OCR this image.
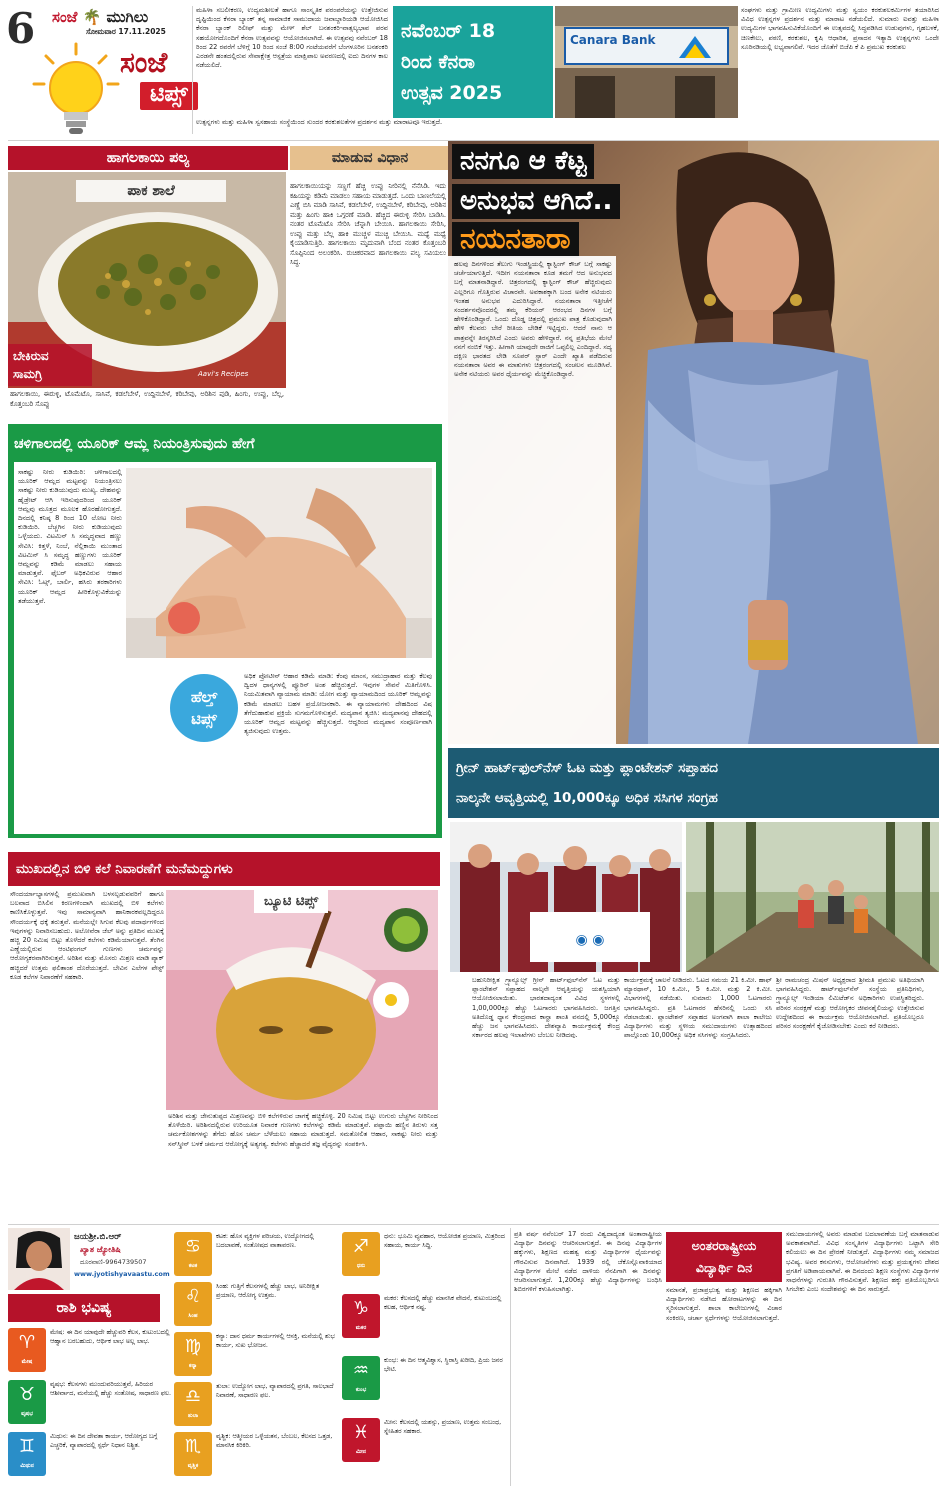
6 ಸಂಜೆ 🌴 ಮುಗಿಲು
ಸೋಮವಾರ 17.11.2025
ಸಂಜೆ
ಟಿಪ್ಸ್
ಮಹಿಳಾ ಸಬಲೀಕರಣ, ಉದ್ಯಮಶೀಲತೆ ಹಾಗೂ ಸಾಂಸ್ಕೃತಿಕ ಪರಂಪರೆಯನ್ನು ಉತ್ತೇಜಿಸುವ ದೃಷ್ಟಿಯಿಂದ ಕೆನರಾ ಬ್ಯಾಂಕ್ ತನ್ನ ಸಾಮಾಜಿಕ ಸಾಮುದಾಯ ಜವಾಬ್ದಾರಿಯಡಿ ಆಯೋಜಿಸಿದ ಕೆನರಾ ಬ್ಯಾಂಕ್ ರಿಲೀಫ್ ಮತ್ತು ಮೇಳ್ ಶೆಲ್ ಬನಶಂಕರಿ-ವಾತ್ಸಲ್ಯಭಾವ ಪರವ ಸಹಯೋಗದೊಂದಿಗೆ ಕೆನರಾ ಉತ್ಸವವನ್ನು ಆಯೋಜಿಸಲಾಗಿದೆ. ಈ ಉತ್ಸವವು ನವೆಂಬರ್ 18 ರಿಂದ 22 ರವರೆಗೆ ಬೆಳಿಗ್ಗೆ 10 ರಿಂದ ಸಂಜೆ 8:00 ಗಂಟೆಯವರೆಗೆ ಬೆಂಗಳೂರಿನ ಬನಶಂಕರಿ ಎರಡನೇ ಹಂತದಲ್ಲಿರುವ ಸೇವಾಕ್ಷೇತ್ರ ಆಸ್ಪತ್ರೆಯ ಮಾಕ್ಷಿಪಾಲ ಅವರಣದಲ್ಲಿ ಐದು ದಿನಗಳ ಕಾಲ ನಡೆಯಲಿದೆ.
ನವೆಂಬರ್ 18
ರಿಂದ ಕೆನರಾ
ಉತ್ಸವ 2025
Canara Bank
ಸಂಘಗಳು ಮತ್ತು ಗ್ರಾಮೀಣ ಉದ್ಯಮಿಗಳು ಮತ್ತು ಸ್ವಯಂ ಕರಕುಶಲಕರ್ಮಿಗಳ ತಯಾರಿಸಿದ ವಿವಿಧ ಉತ್ಪನ್ನಗಳ ಪ್ರದರ್ಶನ ಮತ್ತು ಮಾರಾಟ ನಡೆಯಲಿದೆ. ಸುಮಾರು ಐವತ್ತು ಮಹಿಳಾ ಉದ್ಯಮಿಗಳ ಭಾಗವಹಿಸುವಿಕೆಯೊಂದಿಗೆ ಈ ಉತ್ಸವದಲ್ಲಿ ಸಿದ್ಧಪಡಿಸಿದ ಉಡುಪುಗಳು, ಗೃಹಬಳಕೆ, ಚಿಣಕೇಲು, ಪಠಣಿ, ಕರಕುಶಲ, ಕೃಷಿ ಆಧಾರಿತ, ಪ್ರಸಾದನ ಇತ್ಯಾದಿ ಉತ್ಪನ್ನಗಳು ಒಂದೇ ಸೂರಿನಡಿಯಲ್ಲಿ ಲಭ್ಯವಾಗಲಿವೆ. ಇದರ ಜೊತೆಗೆ ಬಿಜೆಪಿ ಕೆ ಪಿ ಪ್ರಮುಖ ಕರಕುಶಲ
ಉತ್ಪನ್ನಗಳು ಮತ್ತು ಮಹಿಳಾ ಸ್ವಸಹಾಯ ಸಂಸ್ಥೆಯಿಂದ ಸುಂದರ ಕರಕುಶಲತೆಗಳ ಪ್ರದರ್ಶನ ಮತ್ತು ಮಾರಾಟವೂ ಇರುತ್ತದೆ.
ಹಾಗಲಕಾಯಿ ಪಲ್ಯ	ಮಾಡುವ ವಿಧಾನ
ಪಾಕ ಶಾಲೆ
Aavi's Recipes
ಬೇಕಿರುವ
ಸಾಮಗ್ರಿ
ಹಾಗಲಕಾಯಿ, ಈರುಳ್ಳಿ, ಟೊಮೆಟೊ, ಸಾಸಿವೆ, ಕಡಲೆಬೇಳೆ, ಉದ್ದಿನಬೇಳೆ, ಕರಿಬೇವು, ಅರಿಶಿನ ಪುಡಿ, ಹಿಂಗು, ಉಪ್ಪು, ಬೆಲ್ಲ, ಕೊತ್ತಂಬರಿ ಸೊಪ್ಪು
ಹಾಗಲಕಾಯಿಯನ್ನು ಸಣ್ಣಗೆ ಹೆಚ್ಚಿ ಉಪ್ಪು ನೀರಿನಲ್ಲಿ ನೆನೆಸಿಡಿ. ಇದು ಕಹಿಯನ್ನು ಕಡಿಮೆ ಮಾಡಲು ಸಹಾಯ ಮಾಡುತ್ತದೆ. ಒಂದು ಬಾಣಲೆಯಲ್ಲಿ ಎಣ್ಣೆ ಬಿಸಿ ಮಾಡಿ ಸಾಸಿವೆ, ಕಡಲೆಬೇಳೆ, ಉದ್ದಿನಬೇಳೆ, ಕರಿಬೇವು, ಅರಿಶಿನ ಮತ್ತು ಹಿಂಗು ಹಾಕಿ ಒಗ್ಗರಣೆ ಮಾಡಿ. ಹೆಚ್ಚಿದ ಈರುಳ್ಳಿ ಸೇರಿಸಿ ಬಾಡಿಸಿ. ನಂತರ ಟೊಮೆಟೊ ಸೇರಿಸಿ ಚೆನ್ನಾಗಿ ಬೇಯಿಸಿ. ಹಾಗಲಕಾಯಿ ಸೇರಿಸಿ, ಉಪ್ಪು ಮತ್ತು ಬೆಲ್ಲ ಹಾಕಿ ಮುಚ್ಚಳ ಮುಚ್ಚಿ ಬೇಯಿಸಿ. ಮಧ್ಯೆ ಮಧ್ಯೆ ಕೈಯಾಡಿಸುತ್ತಿರಿ. ಹಾಗಲಕಾಯಿ ಮೃದುವಾಗಿ ಬೆಂದ ನಂತರ ಕೊತ್ತಂಬರಿ ಸೊಪ್ಪಿನಿಂದ ಅಲಂಕರಿಸಿ. ರುಚಿಕರವಾದ ಹಾಗಲಕಾಯಿ ಪಲ್ಯ ಸವಿಯಲು ಸಿದ್ಧ.
ಚಳಿಗಾಲದಲ್ಲಿ ಯೂರಿಕ್ ಆಮ್ಲ ನಿಯಂತ್ರಿಸುವುದು ಹೇಗೆ
ಸಾಕಷ್ಟು ನೀರು ಕುಡಿಯಿರಿ: ಚಳಿಗಾಲದಲ್ಲಿ ಯೂರಿಕ್ ಆಮ್ಲದ ಮಟ್ಟವನ್ನು ನಿಯಂತ್ರಿಸಲು ಸಾಕಷ್ಟು ನೀರು ಕುಡಿಯುವುದು ಮುಖ್ಯ. ದೇಹವನ್ನು ಹೈಡ್ರೇಟ್ ಆಗಿ ಇರಿಸುವುದರಿಂದ ಯೂರಿಕ್ ಆಮ್ಲವು ಮೂತ್ರದ ಮೂಲಕ ಹೊರಹೋಗುತ್ತದೆ. ದಿನದಲ್ಲಿ ಕನಿಷ್ಠ 8 ರಿಂದ 10 ಲೋಟ ನೀರು ಕುಡಿಯಿರಿ. ಬೆಚ್ಚಗಿನ ನೀರು ಕುಡಿಯುವುದು ಒಳ್ಳೆಯದು. ವಿಟಮಿನ್ ಸಿ ಸಮೃದ್ಧವಾದ ಹಣ್ಣು ಸೇವಿಸಿ: ಕಿತ್ತಳೆ, ನಿಂಬೆ, ನೆಲ್ಲಿಕಾಯಿ ಮುಂತಾದ ವಿಟಮಿನ್ ಸಿ ಸಮೃದ್ಧ ಹಣ್ಣುಗಳು ಯೂರಿಕ್ ಆಮ್ಲವನ್ನು ಕಡಿಮೆ ಮಾಡಲು ಸಹಾಯ ಮಾಡುತ್ತವೆ. ಫೈಬರ್ ಅಧಿಕವಿರುವ ಆಹಾರ ಸೇವಿಸಿ: ಓಟ್ಸ್, ಬಾರ್ಲಿ, ಹಸಿರು ತರಕಾರಿಗಳು ಯೂರಿಕ್ ಆಮ್ಲದ ಹೀರಿಕೊಳ್ಳುವಿಕೆಯನ್ನು ತಡೆಯುತ್ತವೆ.
ಹೆಲ್ತ್
ಟಿಪ್ಸ್
ಅಧಿಕ ಪ್ರೋಟೀನ್ ಆಹಾರ ಕಡಿಮೆ ಮಾಡಿ: ಕೆಂಪು ಮಾಂಸ, ಸಮುದ್ರಾಹಾರ ಮತ್ತು ಕೆಲವು ದ್ವಿದಳ ಧಾನ್ಯಗಳಲ್ಲಿ ಪ್ಯೂರಿನ್ ಅಂಶ ಹೆಚ್ಚಿರುತ್ತದೆ. ಇವುಗಳ ಸೇವನೆ ಮಿತಿಗೊಳಿಸಿ. ನಿಯಮಿತವಾಗಿ ವ್ಯಾಯಾಮ ಮಾಡಿ: ಯೋಗ ಮತ್ತು ವ್ಯಾಯಾಮದಿಂದ ಯೂರಿಕ್ ಆಮ್ಲವನ್ನು ಕಡಿಮೆ ಮಾಡಲು ಬಹಳ ಪ್ರಯೋಜನಕಾರಿ. ಈ ವ್ಯಾಯಾಮಗಳು ದೇಹದಿಂದ ವಿಷ ತೆಗೆದುಹಾಕುವ ಪ್ರಕ್ರಿಯೆ ಸುಗಮಗೊಳಿಸುತ್ತವೆ. ಮದ್ಯಪಾನ ತ್ಯಜಿಸಿ: ಮದ್ಯಪಾನವು ದೇಹದಲ್ಲಿ ಯೂರಿಕ್ ಆಮ್ಲದ ಮಟ್ಟವನ್ನು ಹೆಚ್ಚಿಸುತ್ತದೆ. ಆದ್ದರಿಂದ ಮದ್ಯಪಾನ ಸಂಪೂರ್ಣವಾಗಿ ತ್ಯಜಿಸುವುದು ಉತ್ತಮ.
ನನಗೂ ಆ ಕೆಟ್ಟ
ಅನುಭವ ಆಗಿದೆ..
ನಯನತಾರಾ
ಹಲವು ದಿನಗಳಿಂದ ತೆಲುಗು ಇಂಡಸ್ಟ್ರಿಯಲ್ಲಿ ಕ್ಯಾಸ್ಟಿಂಗ್ ಕೌಚ್ ಬಗ್ಗೆ ಸಾಕಷ್ಟು ಚರ್ಚೆಯಾಗುತ್ತಿದೆ. ಇದೀಗ ನಯನತಾರಾ ಕೂಡ ತಮಗೆ ಆದ ಅನುಭವದ ಬಗ್ಗೆ ಮಾತನಾಡಿದ್ದಾರೆ. ಚಿತ್ರರಂಗದಲ್ಲಿ ಕ್ಯಾಸ್ಟಿಂಗ್ ಕೌಚ್ ಹೆಚ್ಚಿರುವುದು ಎಲ್ಲರಿಗೂ ಗೊತ್ತಿರುವ ವಿಚಾರವೇ. ಅವಕಾಶಕ್ಕಾಗಿ ಬಂದ ಅನೇಕ ನಟಿಯರು ಇಂತಹ ಅನುಭವ ಎದುರಿಸಿದ್ದಾರೆ. ನಯನತಾರಾ ಇತ್ತೀಚೆಗೆ ಸಂದರ್ಶನವೊಂದರಲ್ಲಿ ತಮ್ಮ ಕೆರಿಯರ್ ಆರಂಭದ ದಿನಗಳ ಬಗ್ಗೆ ಹೇಳಿಕೊಂಡಿದ್ದಾರೆ. ಒಂದು ದೊಡ್ಡ ಚಿತ್ರದಲ್ಲಿ ಪ್ರಮುಖ ಪಾತ್ರ ಕೊಡುವುದಾಗಿ ಹೇಳಿ ಕೆಲವರು ಬೇರೆ ರೀತಿಯ ಬೇಡಿಕೆ ಇಟ್ಟಿದ್ದರು. ಆದರೆ ನಾನು ಆ ಪಾತ್ರವನ್ನೇ ತಿರಸ್ಕರಿಸಿದೆ ಎಂದು ಅವರು ಹೇಳಿದ್ದಾರೆ. ನನ್ನ ಪ್ರತಿಭೆಯ ಮೇಲೆ ನನಗೆ ನಂಬಿಕೆ ಇತ್ತು. ಹೀಗಾಗಿ ಯಾವುದೇ ರಾಜಿಗೆ ಒಪ್ಪಲಿಲ್ಲ ಎಂದಿದ್ದಾರೆ. ಸದ್ಯ ದಕ್ಷಿಣ ಭಾರತದ ಲೇಡಿ ಸೂಪರ್ ಸ್ಟಾರ್ ಎಂದೇ ಖ್ಯಾತಿ ಪಡೆದಿರುವ ನಯನತಾರಾ ಅವರ ಈ ಮಾತುಗಳು ಚಿತ್ರರಂಗದಲ್ಲಿ ಸಂಚಲನ ಮೂಡಿಸಿವೆ. ಅನೇಕ ನಟಿಯರು ಅವರ ಧೈರ್ಯವನ್ನು ಮೆಚ್ಚಿಕೊಂಡಿದ್ದಾರೆ.
ಗ್ರೀನ್ ಹಾರ್ಟ್‌ಫುಲ್‌ನೆಸ್ ಓಟ ಮತ್ತು ಪ್ಲಾಂಟೇಶನ್ ಸಪ್ತಾಹದ
ನಾಲ್ಕನೇ ಆವೃತ್ತಿಯಲ್ಲಿ 10,000ಕ್ಕೂ ಅಧಿಕ ಸಸಿಗಳ ಸಂಗ್ರಹ
◉ ◉
ಬಹುನಿರೀಕ್ಷಿತ ಗ್ರ್ಯಾನ್ಯೂಲ್ಸ್ ಗ್ರೀನ್ ಹಾರ್ಟ್‌ಫುಲ್‌ನೆಸ್ ಓಟ ಮತ್ತು ಪ್ಲಾಂಟೇಶನ್ ಸಪ್ತಾಹದ ನಾಲ್ಕನೇ ಆವೃತ್ತಿಯನ್ನು ಯಶಸ್ವಿಯಾಗಿ ಆಯೋಜಿಸಲಾಯಿತು. ಭಾರತದಾದ್ಯಂತ ವಿವಿಧ ಸ್ಥಳಗಳಲ್ಲಿ 1,00,000ಕ್ಕೂ ಹೆಚ್ಚು ಓಟಗಾರರು ಭಾಗವಹಿಸಿದರು. ಜಗತ್ತಿನ ಅತಿದೊಡ್ಡ ಧ್ಯಾನ ಕೇಂದ್ರವಾದ ಕಾನ್ಹಾ ಶಾಂತಿ ವನದಲ್ಲಿ 5,000ಕ್ಕೂ ಹೆಚ್ಚು ಜನ ಭಾಗವಹಿಸಿದರು. ದೇಶವ್ಯಾಪಿ ಕಾರ್ಯಕ್ರಮಕ್ಕೆ ಕೇಂದ್ರ ಸರ್ಕಾರದ ಹಲವು ಇಲಾಖೆಗಳು ಬೆಂಬಲ ನೀಡಿದವು.
ಕಾರ್ಯಕ್ರಮಕ್ಕೆ ಚಾಲನೆ ನೀಡಿದರು. ಓಟದ ಸಮಯ 21 ಕಿ.ಮೀ. ಹಾಫ್ ಮ್ಯಾರಥಾನ್, 10 ಕಿ.ಮೀ., 5 ಕಿ.ಮೀ. ಮತ್ತು 2 ಕಿ.ಮೀ. ವಿಭಾಗಗಳಲ್ಲಿ ನಡೆಯಿತು. ಸುಮಾರು 1,000 ಓಟಗಾರರು ಭಾಗವಹಿಸಿದ್ದರು. ಪ್ರತಿ ಓಟಗಾರರ ಹೆಸರಿನಲ್ಲಿ ಒಂದು ಸಸಿ ನೆಡಲಾಯಿತು. ಪ್ಲಾಂಟೇಶನ್ ಸಪ್ತಾಹದ ಅಂಗವಾಗಿ ಶಾಲಾ ಕಾಲೇಜು ವಿದ್ಯಾರ್ಥಿಗಳು ಮತ್ತು ಸ್ಥಳೀಯ ಸಮುದಾಯಗಳು ಉತ್ಸಾಹದಿಂದ ಪಾಲ್ಗೊಂಡು 10,000ಕ್ಕೂ ಅಧಿಕ ಸಸಿಗಳನ್ನು ಸಂಗ್ರಹಿಸಿದರು.
ಶ್ರೀ ರಾಮಚಂದ್ರ ಮಿಷನ್ ಅಧ್ಯಕ್ಷರಾದ ಶ್ರೀಮತಿ ಪ್ರಮುಖ ಅತಿಥಿಯಾಗಿ ಭಾಗವಹಿಸಿದ್ದರು. ಹಾರ್ಟ್‌ಫುಲ್‌ನೆಸ್ ಸಂಸ್ಥೆಯ ಪ್ರತಿನಿಧಿಗಳು, ಗ್ರ್ಯಾನ್ಯೂಲ್ಸ್ ಇಂಡಿಯಾ ಲಿಮಿಟೆಡ್‌ನ ಅಧಿಕಾರಿಗಳು ಉಪಸ್ಥಿತರಿದ್ದರು. ಪರಿಸರ ಸಂರಕ್ಷಣೆ ಮತ್ತು ಆರೋಗ್ಯಕರ ಜೀವನಶೈಲಿಯನ್ನು ಉತ್ತೇಜಿಸುವ ಉದ್ದೇಶದಿಂದ ಈ ಕಾರ್ಯಕ್ರಮ ಆಯೋಜಿಸಲಾಗಿದೆ. ಪ್ರತಿಯೊಬ್ಬರೂ ಪರಿಸರ ಸಂರಕ್ಷಣೆಗೆ ಕೈಜೋಡಿಸಬೇಕು ಎಂದು ಕರೆ ನೀಡಿದರು.
ಮುಖದಲ್ಲಿನ ಬಿಳಿ ಕಲೆ ನಿವಾರಣೆಗೆ ಮನೆಮದ್ದುಗಳು
ಸೌಂದರ್ಯಾಭ್ಯಾಸಗಳಲ್ಲಿ ಪ್ರಮುಖವಾಗಿ ಬಳಸಲ್ಪಡುವವರಿಗೆ ಹಾಗೂ ಬಲವಾದ ಬಿಸಿಲಿನ ಕಿರಣಗಳಿಂದಾಗಿ ಮುಖದಲ್ಲಿ ಬಿಳಿ ಕಲೆಗಳು ಕಾಣಿಸಿಕೊಳ್ಳುತ್ತವೆ. ಇವು ಸಾಮಾನ್ಯವಾಗಿ ಹಾನಿಕಾರಕವಲ್ಲದಿದ್ದರೂ ಸೌಂದರ್ಯಕ್ಕೆ ಧಕ್ಕೆ ತರುತ್ತವೆ. ಮನೆಯಲ್ಲೇ ಸಿಗುವ ಕೆಲವು ಪದಾರ್ಥಗಳಿಂದ ಇವುಗಳನ್ನು ನಿವಾರಿಸಬಹುದು. ಅಲೋವೆರಾ ಜೆಲ್ ಅನ್ನು ಪ್ರತಿದಿನ ಮುಖಕ್ಕೆ ಹಚ್ಚಿ 20 ನಿಮಿಷ ಬಿಟ್ಟು ತೊಳೆದರೆ ಕಲೆಗಳು ಕಡಿಮೆಯಾಗುತ್ತವೆ. ತೆಂಗಿನ ಎಣ್ಣೆಯಲ್ಲಿರುವ ಆಂಟಿಫಂಗಲ್ ಗುಣಗಳು ಚರ್ಮವನ್ನು ಆರೋಗ್ಯಕರವಾಗಿರಿಸುತ್ತವೆ. ಅರಿಶಿನ ಮತ್ತು ಮೊಸರು ಮಿಶ್ರಣ ಮಾಡಿ ಪ್ಯಾಕ್ ಹಚ್ಚಿದರೆ ಉತ್ತಮ ಫಲಿತಾಂಶ ದೊರೆಯುತ್ತದೆ. ಬೇವಿನ ಎಲೆಗಳ ಪೇಸ್ಟ್ ಕೂಡ ಕಲೆಗಳ ನಿವಾರಣೆಗೆ ಸಹಕಾರಿ.
ಬ್ಯೂಟಿ ಟಿಪ್ಸ್
ಅರಿಶಿನ ಮತ್ತು ಜೇನುತುಪ್ಪದ ಮಿಶ್ರಣವನ್ನು ಬಿಳಿ ಕಲೆಗಳಿರುವ ಜಾಗಕ್ಕೆ ಹಚ್ಚಿಕೊಳ್ಳಿ. 20 ನಿಮಿಷ ಬಿಟ್ಟು ಉಗುರು ಬೆಚ್ಚಗಿನ ನೀರಿನಿಂದ ತೊಳೆಯಿರಿ. ಅರಿಶಿನದಲ್ಲಿರುವ ಉರಿಯೂತ ನಿವಾರಕ ಗುಣಗಳು ಕಲೆಗಳನ್ನು ಕಡಿಮೆ ಮಾಡುತ್ತವೆ. ಪಪ್ಪಾಯಿ ಹಣ್ಣಿನ ತಿರುಳು ಸತ್ತ ಚರ್ಮಕೋಶಗಳನ್ನು ತೆಗೆದು ಹೊಸ ಚರ್ಮ ಬೆಳೆಯಲು ಸಹಾಯ ಮಾಡುತ್ತದೆ. ಸಮತೋಲಿತ ಆಹಾರ, ಸಾಕಷ್ಟು ನೀರು ಮತ್ತು ಸನ್‌ಸ್ಕ್ರೀನ್ ಬಳಕೆ ಚರ್ಮದ ಆರೋಗ್ಯಕ್ಕೆ ಅತ್ಯಗತ್ಯ. ಕಲೆಗಳು ಹೆಚ್ಚಾದರೆ ತಜ್ಞ ವೈದ್ಯರನ್ನು ಸಂಪರ್ಕಿಸಿ.
ಜಯಶ್ರೀ.ಬಿ.ಆರ್
ಖ್ಯಾತ ಜ್ಯೋತಿಷಿ
ದೂರವಾಣಿ-9964739507
www.jyotishyavaastu.com
ರಾಶಿ ಭವಿಷ್ಯ
♈
ಮೇಷ
ಮೇಷ: ಈ ದಿನ ಯಾವುದೇ ಹೆಚ್ಚುವರಿ ಕೆಲಸ, ಕುಟುಂಬದಲ್ಲಿ ಆಹ್ವಾನ ಬರಬಹುದು, ಆರ್ಥಿಕ ಲಾಭ ಅಲ್ಲ ಲಾಭ.
♉
ವೃಷಭ
ವೃಷಭ: ಕೆಲಸಗಳು ಮುಂದುವರಿಯುತ್ತವೆ, ಹಿರಿಯರ ಆಶೀರ್ವಾದ, ಮನೆಯಲ್ಲಿ ಹೆಚ್ಚು ಸಂತೋಷ, ಸಾಧಾರಣ ಫಲ.
♊
ಮಿಥುನ
ಮಿಥುನ: ಈ ದಿನ ದೇವತಾ ಕಾರ್ಯ, ಆರೋಗ್ಯದ ಬಗ್ಗೆ ಎಚ್ಚರಿಕೆ, ವ್ಯಾಪಾರದಲ್ಲಿ ಸ್ಪರ್ಧೆ ನಿಧಾನ ನಿಶ್ಚಿತ.
♋
ಕಟಕ
ಕಟಕ: ಹೊಸ ವ್ಯಕ್ತಿಗಳ ಪರಿಚಯ, ಉದ್ಯೋಗದಲ್ಲಿ ಬದಲಾವಣೆ, ಸಂತೋಷದ ವಾತಾವರಣ.
♌
ಸಿಂಹ
ಸಿಂಹ: ಗುತ್ತಿಗೆ ಕೆಲಸಗಳಲ್ಲಿ ಹೆಚ್ಚು ಲಾಭ, ಅನಿರೀಕ್ಷಿತ ಪ್ರಯಾಣ, ಆರೋಗ್ಯ ಉತ್ತಮ.
♍
ಕನ್ಯಾ
ಕನ್ಯಾ: ದಾನ ಧರ್ಮ ಕಾರ್ಯಗಳಲ್ಲಿ ಆಸಕ್ತಿ, ಮನೆಯಲ್ಲಿ ಶುಭ ಕಾರ್ಯ, ಸುಖ ಭೋಜನ.
♎
ತುಲಾ
ತುಲಾ: ಉದ್ಯೋಗ ಲಾಭ, ವ್ಯಾಪಾರದಲ್ಲಿ ಪ್ರಗತಿ, ಸಾಲಭಾದೆ ನಿವಾರಣೆ, ಸಾಧಾರಣ ಫಲ.
♏
ವೃಶ್ಚಿಕ
ವೃಶ್ಚಿಕ: ಆತ್ಮೀಯರ ಒಳ್ಳೆಯತನ, ಬೆಂಬಲ, ಕೆಲಸದ ಒತ್ತಡ, ಮಾನಸಿಕ ಕಿರಿಕಿರಿ.
♐
ಧನು
ಧನು: ಭೂಮಿ ವ್ಯವಹಾರ, ಆಯೋಜಿತ ಪ್ರಯಾಣ, ಮಿತ್ರರಿಂದ ಸಹಾಯ, ಕಾರ್ಯ ಸಿದ್ಧಿ.
♑
ಮಕರ
ಮಕರ: ಕೆಲಸದಲ್ಲಿ ಹೆಚ್ಚು ಮಾನಸಿಕ ವೇದನೆ, ಕುಟುಂಬದಲ್ಲಿ ಕಲಹ, ಆರ್ಥಿಕ ನಷ್ಟ.
♒
ಕುಂಭ
ಕುಂಭ: ಈ ದಿನ ಆತ್ಮವಿಶ್ವಾಸ, ಸ್ಥಿರಾಸ್ತಿ ಖರೀದಿ, ಪ್ರಿಯ ಜನರ ಭೇಟಿ.
♓
ಮೀನ
ಮೀನ: ಕೆಲಸದಲ್ಲಿ ಯಶಸ್ಸು, ಪ್ರಯಾಣ, ಉತ್ತಮ ಸಂಬಂಧ, ಸ್ನೇಹಿತರ ಸಹಕಾರ.
ಅಂತರರಾಷ್ಟ್ರೀಯ
ವಿದ್ಯಾರ್ಥಿ ದಿನ
ಪ್ರತಿ ವರ್ಷ ನವೆಂಬರ್ 17 ರಂದು ವಿಶ್ವದಾದ್ಯಂತ ಅಂತಾರಾಷ್ಟ್ರೀಯ ವಿದ್ಯಾರ್ಥಿ ದಿನವನ್ನು ಆಚರಿಸಲಾಗುತ್ತದೆ. ಈ ದಿನವು ವಿದ್ಯಾರ್ಥಿಗಳ ಹಕ್ಕುಗಳು, ಶಿಕ್ಷಣದ ಮಹತ್ವ ಮತ್ತು ವಿದ್ಯಾರ್ಥಿಗಳ ಧೈರ್ಯವನ್ನು ಗೌರವಿಸುವ ದಿನವಾಗಿದೆ. 1939 ರಲ್ಲಿ ಜೆಕೊಸ್ಲೊವಾಕಿಯಾದ ವಿದ್ಯಾರ್ಥಿಗಳ ಮೇಲೆ ನಡೆದ ದಾಳಿಯ ನೆನಪಿಗಾಗಿ ಈ ದಿನವನ್ನು ಆಚರಿಸಲಾಗುತ್ತದೆ. 1,200ಕ್ಕೂ ಹೆಚ್ಚು ವಿದ್ಯಾರ್ಥಿಗಳನ್ನು ಬಂಧಿಸಿ ಶಿಬಿರಗಳಿಗೆ ಕಳುಹಿಸಲಾಗಿತ್ತು.	ಸಮಾನತೆ, ಪ್ರಜಾಪ್ರಭುತ್ವ ಮತ್ತು ಶಿಕ್ಷಣದ ಹಕ್ಕಿಗಾಗಿ ವಿದ್ಯಾರ್ಥಿಗಳು ನಡೆಸಿದ ಹೋರಾಟಗಳನ್ನು ಈ ದಿನ ಸ್ಮರಿಸಲಾಗುತ್ತದೆ. ಶಾಲಾ ಕಾಲೇಜುಗಳಲ್ಲಿ ವಿಚಾರ ಸಂಕಿರಣ, ಚರ್ಚಾ ಸ್ಪರ್ಧೆಗಳನ್ನು ಆಯೋಜಿಸಲಾಗುತ್ತದೆ.
ಸಮುದಾಯಗಳಲ್ಲಿ ಅವರು ಮಾಡುವ ಬದಲಾವಣೆಯ ಬಗ್ಗೆ ಮಾತನಾಡುವ ಅವಕಾಶವಾಗಿದೆ. ವಿವಿಧ ಸಂಸ್ಕೃತಿಗಳ ವಿದ್ಯಾರ್ಥಿಗಳು ಒಟ್ಟಾಗಿ ಸೇರಿ ಕಲಿಯಲು ಈ ದಿನ ಪ್ರೇರಣೆ ನೀಡುತ್ತದೆ. ವಿದ್ಯಾರ್ಥಿಗಳು ನಮ್ಮ ಸಮಾಜದ ಭವಿಷ್ಯ. ಅವರ ಕನಸುಗಳು, ಆಲೋಚನೆಗಳು ಮತ್ತು ಪ್ರಯತ್ನಗಳು ದೇಶದ ಪ್ರಗತಿಗೆ ಅಡಿಪಾಯವಾಗಿವೆ. ಈ ದಿನದಂದು ಶಿಕ್ಷಣ ಸಂಸ್ಥೆಗಳು ವಿದ್ಯಾರ್ಥಿಗಳ ಸಾಧನೆಗಳನ್ನು ಗುರುತಿಸಿ ಗೌರವಿಸುತ್ತವೆ. ಶಿಕ್ಷಣದ ಹಕ್ಕು ಪ್ರತಿಯೊಬ್ಬರಿಗೂ ಸಿಗಬೇಕು ಎಂಬ ಸಂದೇಶವನ್ನು ಈ ದಿನ ಸಾರುತ್ತದೆ.
